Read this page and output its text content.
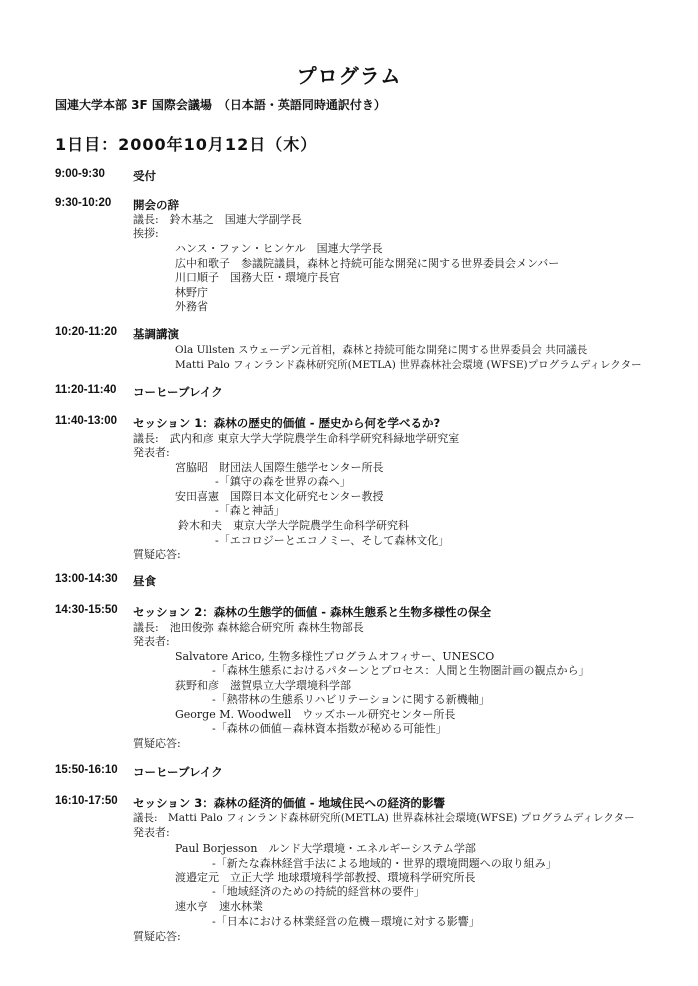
プログラム
国連大学本部 3F 国際会議場　（日本語・英語同時通訳付き）
1日目：2000年10月12日（木）
9:00-9:30 受付
9:30-10:20 開会の辞
議長:　鈴木基之　国連大学副学長
挨拶:
ハンス・ファン・ヒンケル　国連大学学長
広中和歌子　参議院議員，森林と持続可能な開発に関する世界委員会メンバー
川口順子　国務大臣・環境庁長官
林野庁
外務省
10:20-11:20 基調講演
Ola Ullsten スウェーデン元首相，森林と持続可能な開発に関する世界委員会 共同議長
Matti Palo フィンランド森林研究所(METLA) 世界森林社会環境 (WFSE)プログラムディレクター
11:20-11:40 コーヒーブレイク
11:40-13:00 セッション 1：森林の歴史的価値 - 歴史から何を学べるか?
議長:　武内和彦 東京大学大学院農学生命科学研究科緑地学研究室
発表者:
宮脇昭　財団法人国際生態学センター所長
-「鎮守の森を世界の森へ」
安田喜憲　国際日本文化研究センター教授
-「森と神話」
鈴木和夫　東京大学大学院農学生命科学研究科
-「エコロジーとエコノミー、そして森林文化」
質疑応答:
13:00-14:30 昼食
14:30-15:50 セッション 2：森林の生態学的価値 - 森林生態系と生物多様性の保全
議長:　池田俊弥 森林総合研究所 森林生物部長
発表者:
Salvatore Arico, 生物多様性プログラムオフィサー、UNESCO
-「森林生態系におけるパターンとプロセス：人間と生物圏計画の観点から」
荻野和彦　滋賀県立大学環境科学部
-「熱帯林の生態系リハビリテーションに関する新機軸」
George M. Woodwell　ウッズホール研究センター所長
-「森林の価値－森林資本指数が秘める可能性」
質疑応答:
15:50-16:10 コーヒーブレイク
16:10-17:50 セッション 3：森林の経済的価値 - 地域住民への経済的影響
議長:　Matti Palo フィンランド森林研究所(METLA) 世界森林社会環境(WFSE) プログラムディレクター
発表者:
Paul Borjesson　ルンド大学環境・エネルギーシステム学部
-「新たな森林経営手法による地域的・世界的環境問題への取り組み」
渡邉定元　立正大学 地球環境科学部教授、環境科学研究所長
-「地域経済のための持続的経営林の要件」
速水亨　速水林業
-「日本における林業経営の危機－環境に対する影響」
質疑応答:
